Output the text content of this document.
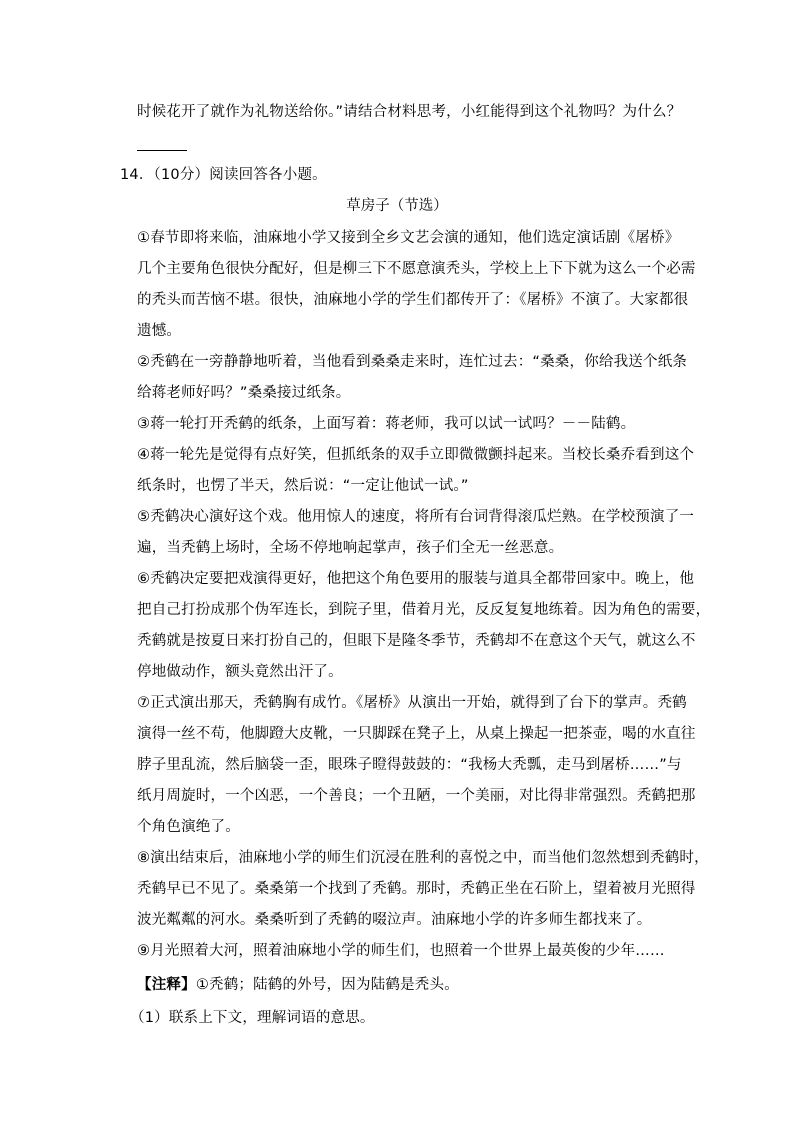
时候花开了就作为礼物送给你。”请结合材料思考，小红能得到这个礼物吗？为什么？
14．（10分）阅读回答各小题。
草房子（节选）
①春节即将来临，油麻地小学又接到全乡文艺会演的通知，他们选定演话剧《屠桥》
几个主要角色很快分配好，但是柳三下不愿意演秃头，学校上上下下就为这么一个必需
的秃头而苦恼不堪。很快，油麻地小学的学生们都传开了：《屠桥》不演了。大家都很
遗憾。
②秃鹤在一旁静静地听着，当他看到桑桑走来时，连忙过去：“桑桑，你给我送个纸条
给蒋老师好吗？”桑桑接过纸条。
③蒋一轮打开秃鹤的纸条，上面写着：蒋老师，我可以试一试吗？－－陆鹤。
④蒋一轮先是觉得有点好笑，但抓纸条的双手立即微微颤抖起来。当校长桑乔看到这个
纸条时，也愣了半天，然后说：“一定让他试一试。”
⑤秃鹤决心演好这个戏。他用惊人的速度，将所有台词背得滚瓜烂熟。在学校预演了一
遍，当秃鹤上场时，全场不停地响起掌声，孩子们全无一丝恶意。
⑥秃鹤决定要把戏演得更好，他把这个角色要用的服装与道具全都带回家中。晚上，他
把自己打扮成那个伪军连长，到院子里，借着月光，反反复复地练着。因为角色的需要，
秃鹤就是按夏日来打扮自己的，但眼下是隆冬季节，秃鹤却不在意这个天气，就这么不
停地做动作，额头竟然出汗了。
⑦正式演出那天，秃鹤胸有成竹。《屠桥》从演出一开始，就得到了台下的掌声。秃鹤
演得一丝不苟，他脚蹬大皮靴，一只脚踩在凳子上，从桌上操起一把茶壶，喝的水直往
脖子里乱流，然后脑袋一歪，眼珠子瞪得鼓鼓的：“我杨大秃瓢，走马到屠桥……”与
纸月周旋时，一个凶恶，一个善良；一个丑陋，一个美丽，对比得非常强烈。秃鹤把那
个角色演绝了。
⑧演出结束后，油麻地小学的师生们沉浸在胜利的喜悦之中，而当他们忽然想到秃鹤时，
秃鹤早已不见了。桑桑第一个找到了秃鹤。那时，秃鹤正坐在石阶上，望着被月光照得
波光粼粼的河水。桑桑听到了秃鹤的啜泣声。油麻地小学的许多师生都找来了。
⑨月光照着大河，照着油麻地小学的师生们，也照着一个世界上最英俊的少年……
【注释】①秃鹤；陆鹤的外号，因为陆鹤是秃头。
（1）联系上下文，理解词语的意思。
